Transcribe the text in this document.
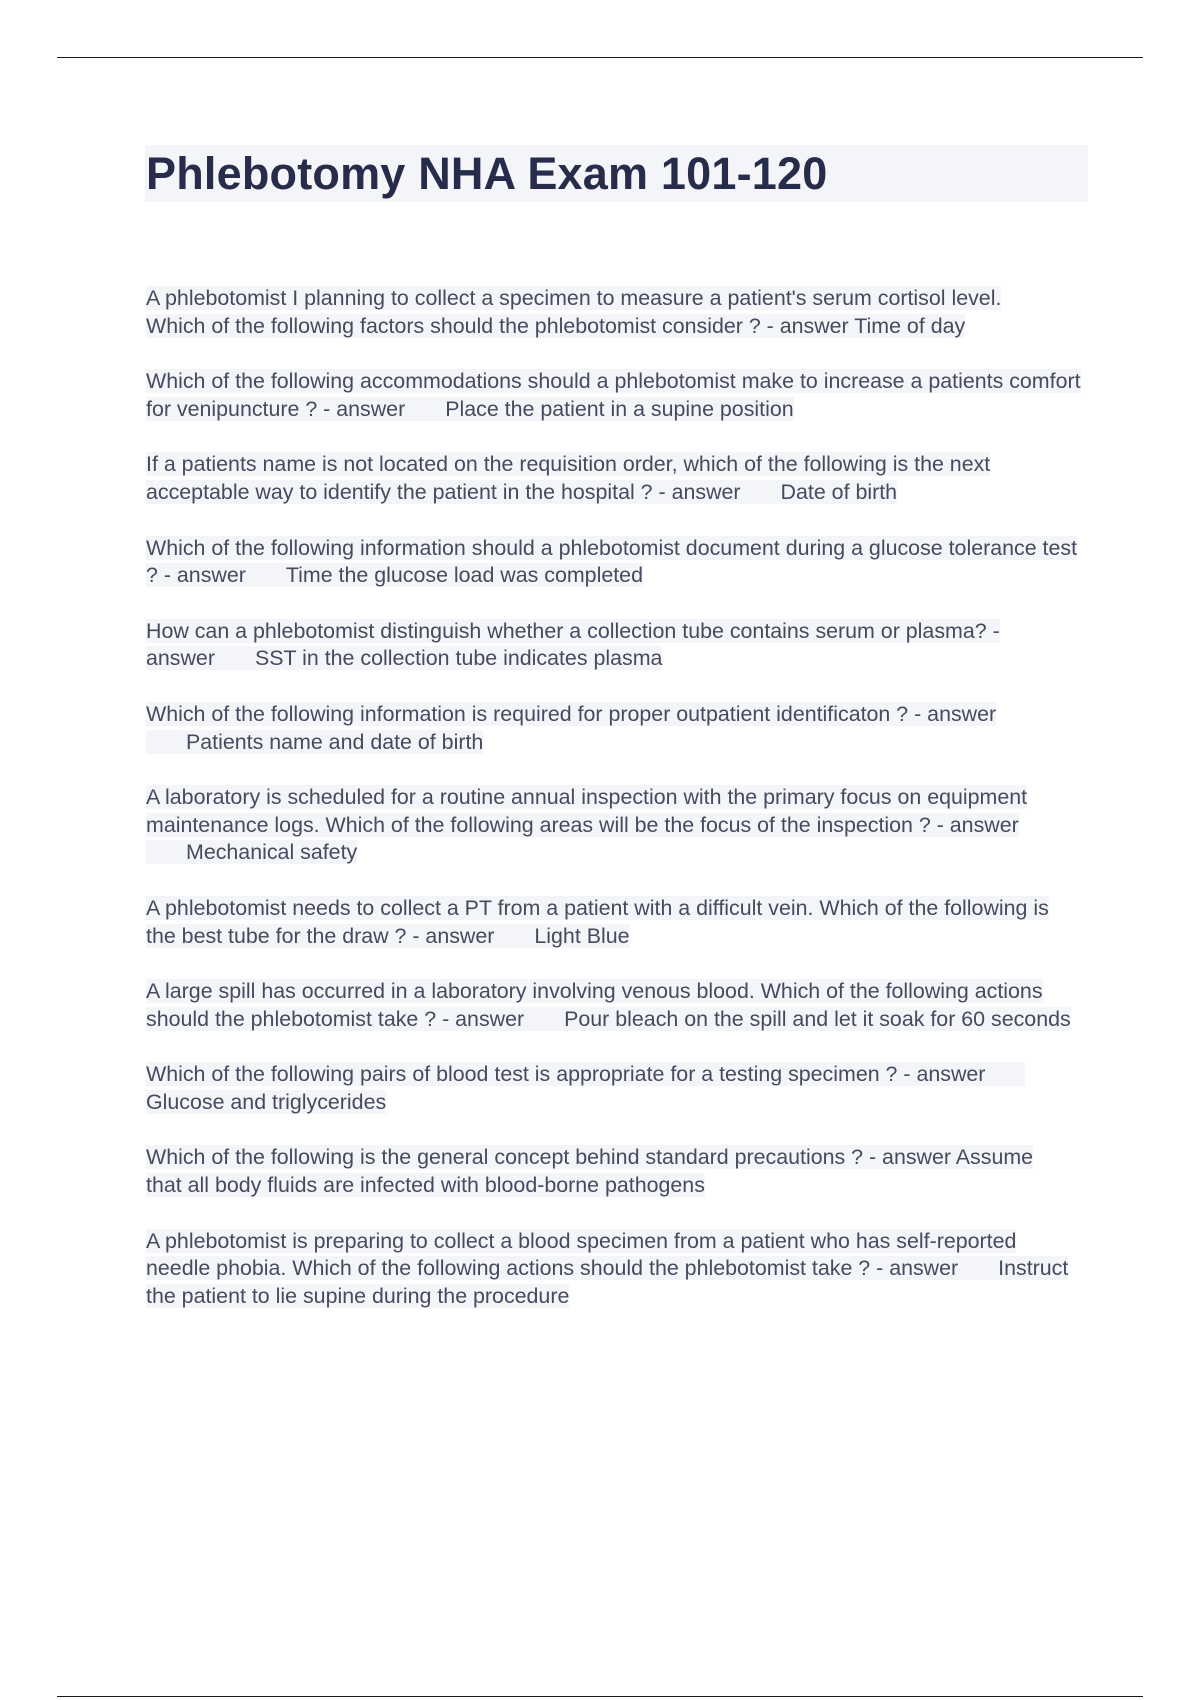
Phlebotomy NHA Exam 101-120

A phlebotomist I planning to collect a specimen to measure a patient's serum cortisol level. Which of the following factors should the phlebotomist consider ? - answer Time of day

Which of the following accommodations should a phlebotomist make to increase a patients comfort for venipuncture ? - answer Place the patient in a supine position

If a patients name is not located on the requisition order, which of the following is the next acceptable way to identify the patient in the hospital ? - answer Date of birth

Which of the following information should a phlebotomist document during a glucose tolerance test ? - answer Time the glucose load was completed

How can a phlebotomist distinguish whether a collection tube contains serum or plasma? - answer SST in the collection tube indicates plasma

Which of the following information is required for proper outpatient identificaton ? - answerPatients name and date of birth

A laboratory is scheduled for a routine annual inspection with the primary focus on equipment maintenance logs. Which of the following areas will be the focus of the inspection ? - answerMechanical safety

A phlebotomist needs to collect a PT from a patient with a difficult vein. Which of the following is the best tube for the draw ? - answer Light Blue

A large spill has occurred in a laboratory involving venous blood. Which of the following actions should the phlebotomist take ? - answer Pour bleach on the spill and let it soak for 60 seconds

Which of the following pairs of blood test is appropriate for a testing specimen ? - answerGlucose and triglycerides

Which of the following is the general concept behind standard precautions ? - answer Assume that all body fluids are infected with blood-borne pathogens

A phlebotomist is preparing to collect a blood specimen from a patient who has self-reported needle phobia. Which of the following actions should the phlebotomist take ? - answer Instruct the patient to lie supine during the procedure
